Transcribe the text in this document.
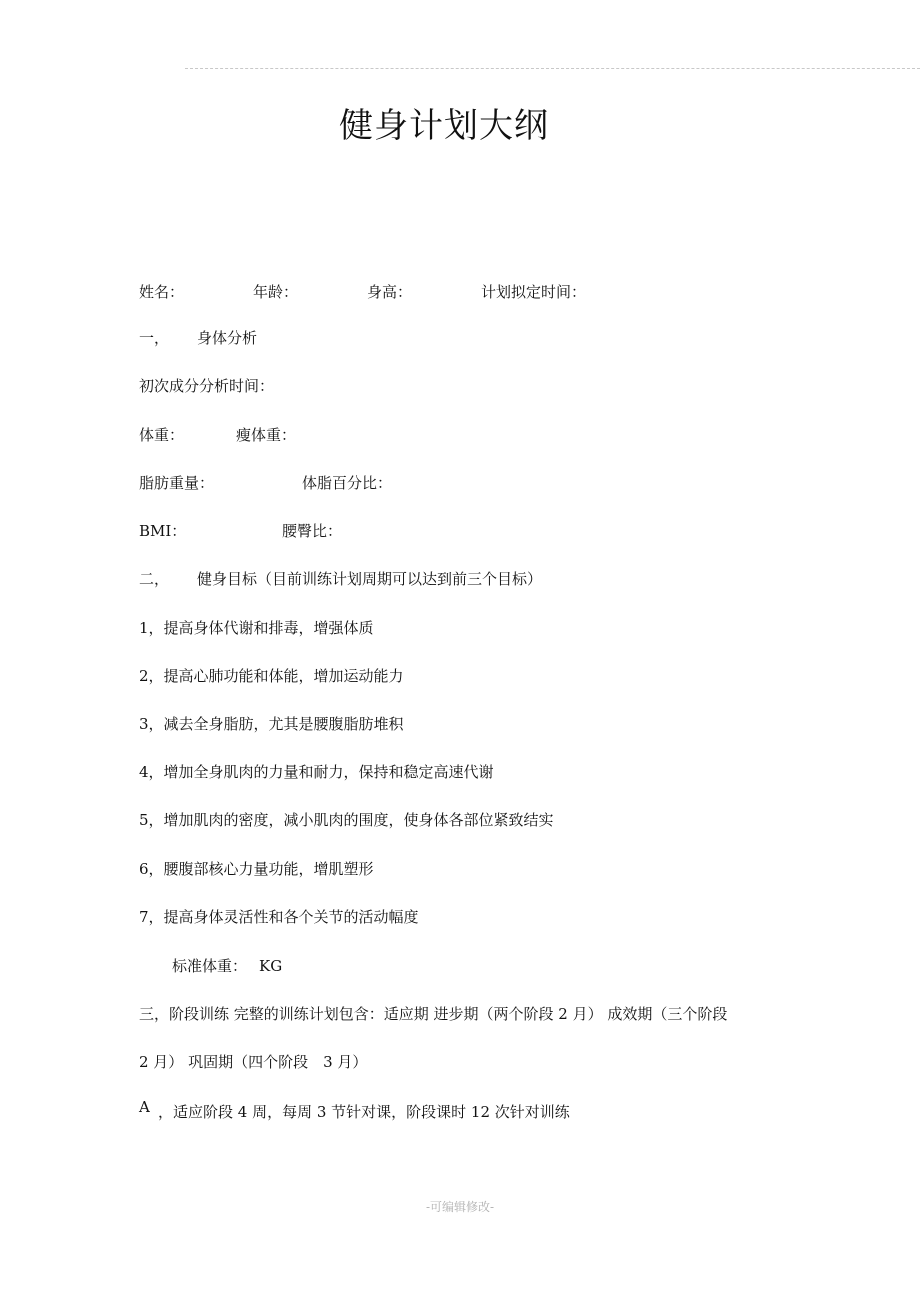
健身计划大纲
姓名：	年龄：	身高：	计划拟定时间：
一， 身体分析
初次成分分析时间：
体重：	瘦体重：
脂肪重量：	体脂百分比：
BMI：	腰臀比：
二， 健身目标（目前训练计划周期可以达到前三个目标）
1，提高身体代谢和排毒，增强体质
2，提高心肺功能和体能，增加运动能力
3，减去全身脂肪，尤其是腰腹脂肪堆积
4，增加全身肌肉的力量和耐力，保持和稳定高速代谢
5，增加肌肉的密度，减小肌肉的围度，使身体各部位紧致结实
6，腰腹部核心力量功能，增肌塑形
7，提高身体灵活性和各个关节的活动幅度
标准体重： KG
三，阶段训练 完整的训练计划包含：适应期 进步期（两个阶段 2 月） 成效期（三个阶段
2 月） 巩固期（四个阶段　3 月）
A ，适应阶段 4 周，每周 3 节针对课，阶段课时 12 次针对训练
-可编辑修改-
